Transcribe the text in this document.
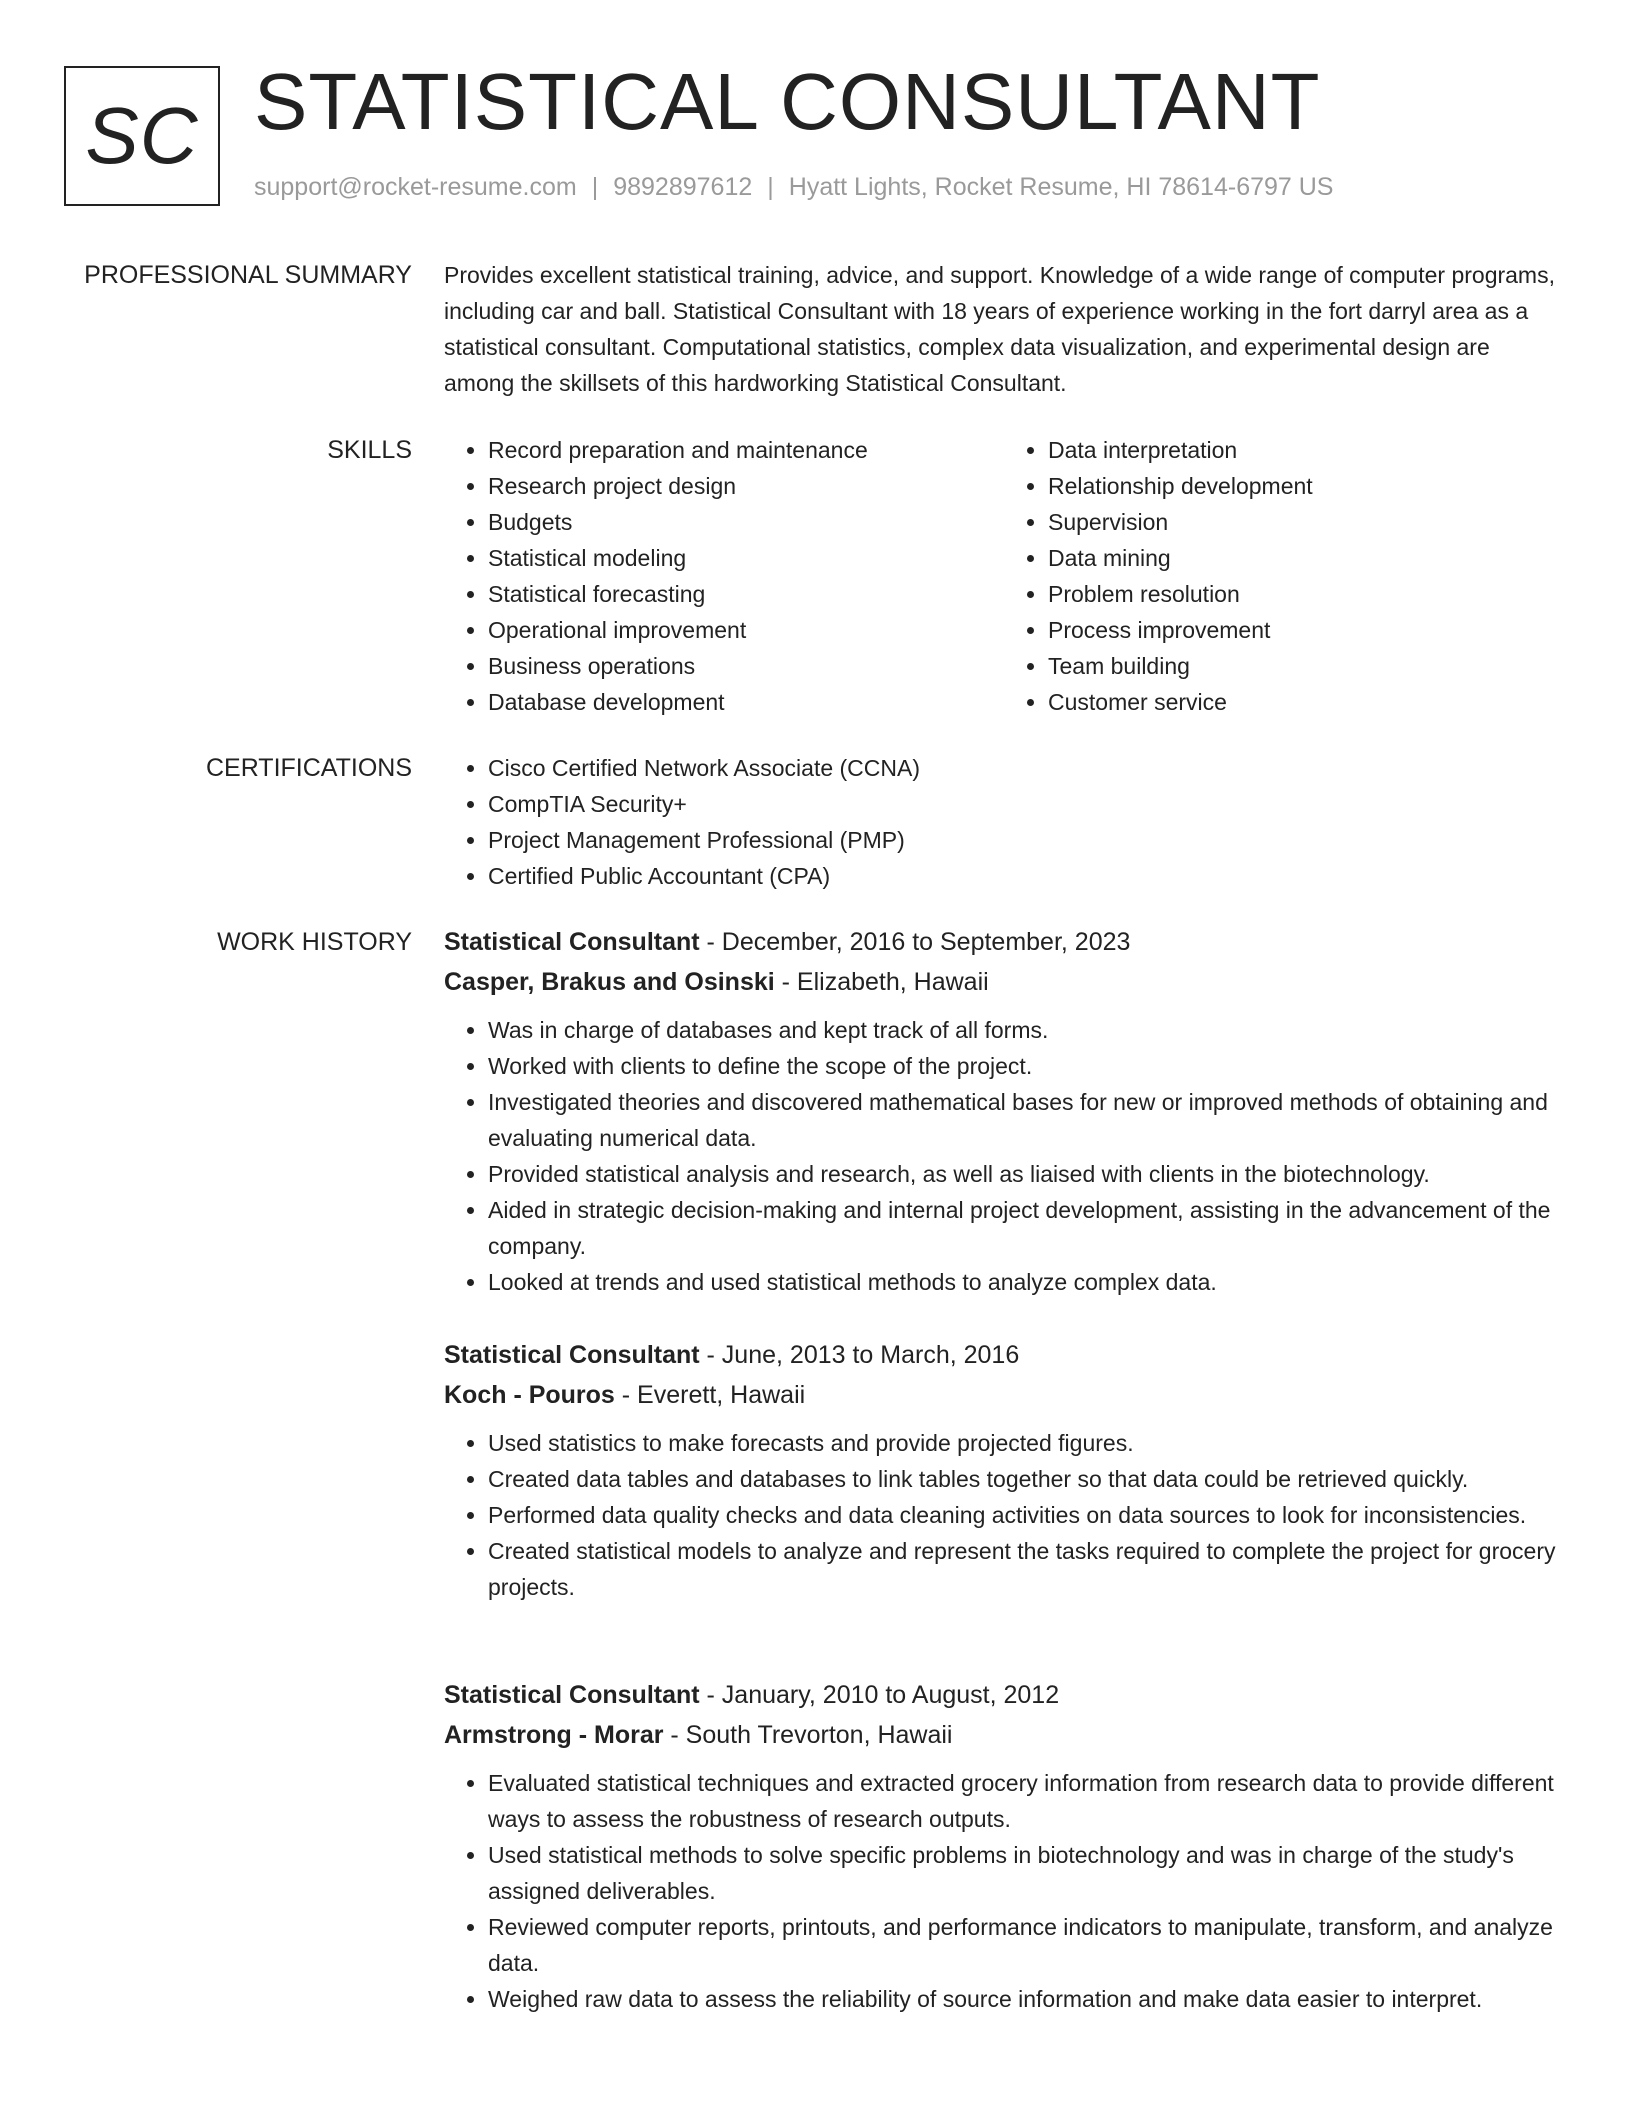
SC STATISTICAL CONSULTANT
support@rocket-resume.com | 9892897612 | Hyatt Lights, Rocket Resume, HI 78614-6797 US
PROFESSIONAL SUMMARY Provides excellent statistical training, advice, and support. Knowledge of a wide range of computer programs, including car and ball. Statistical Consultant with 18 years of experience working in the fort darryl area as a statistical consultant. Computational statistics, complex data visualization, and experimental design are among the skillsets of this hardworking Statistical Consultant.
SKILLS	• Record preparation and maintenance
• Research project design
• Budgets
• Statistical modeling
• Statistical forecasting
• Operational improvement
• Business operations
• Database development
• Data interpretation
• Relationship development
• Supervision
• Data mining
• Problem resolution
• Process improvement
• Team building
• Customer service
CERTIFICATIONS	• Cisco Certified Network Associate (CCNA)
• CompTIA Security+
• Project Management Professional (PMP)
• Certified Public Accountant (CPA)
WORK HISTORY Statistical Consultant - December, 2016 to September, 2023
Casper, Brakus and Osinski - Elizabeth, Hawaii
• Was in charge of databases and kept track of all forms.
• Worked with clients to define the scope of the project.
• Investigated theories and discovered mathematical bases for new or improved methods of obtaining and evaluating numerical data.
• Provided statistical analysis and research, as well as liaised with clients in the biotechnology.
• Aided in strategic decision-making and internal project development, assisting in the advancement of the company.
• Looked at trends and used statistical methods to analyze complex data.
Statistical Consultant - June, 2013 to March, 2016
Koch - Pouros - Everett, Hawaii
• Used statistics to make forecasts and provide projected figures.
• Created data tables and databases to link tables together so that data could be retrieved quickly.
• Performed data quality checks and data cleaning activities on data sources to look for inconsistencies.
• Created statistical models to analyze and represent the tasks required to complete the project for grocery projects.
Statistical Consultant - January, 2010 to August, 2012
Armstrong - Morar - South Trevorton, Hawaii
• Evaluated statistical techniques and extracted grocery information from research data to provide different ways to assess the robustness of research outputs.
• Used statistical methods to solve specific problems in biotechnology and was in charge of the study's assigned deliverables.
• Reviewed computer reports, printouts, and performance indicators to manipulate, transform, and analyze data.
• Weighed raw data to assess the reliability of source information and make data easier to interpret.
